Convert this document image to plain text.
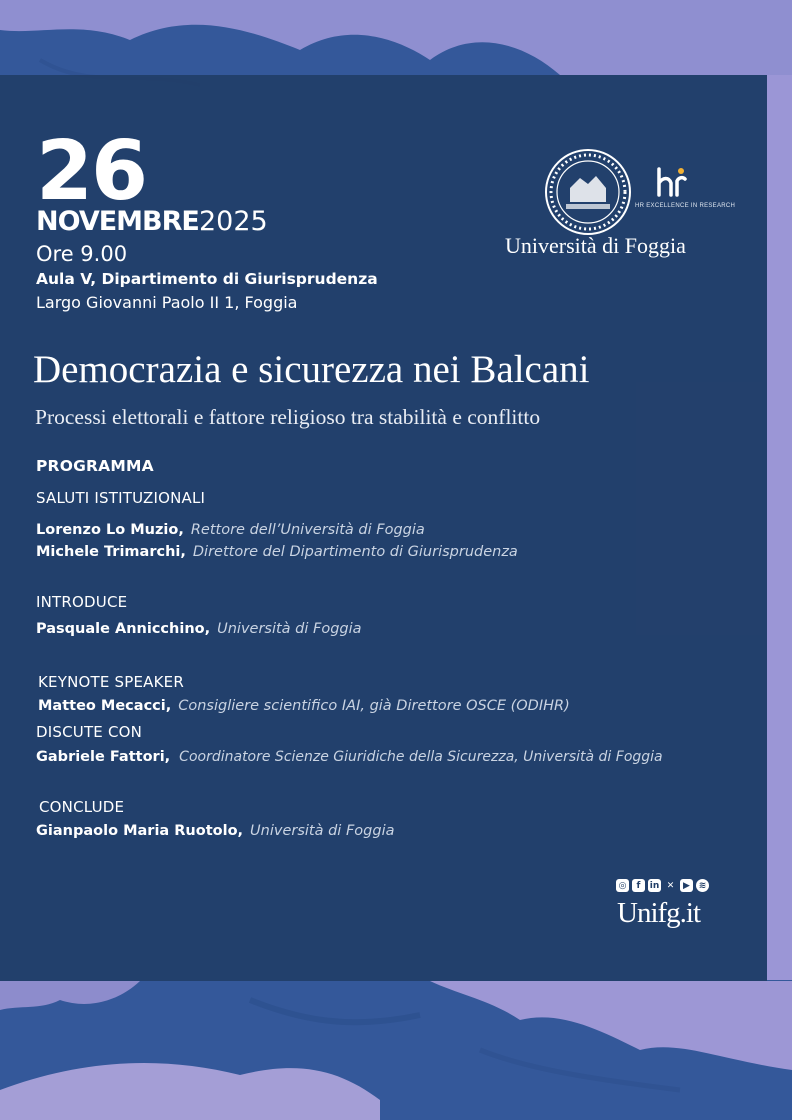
26
NOVEMBRE 2025
Ore 9.00
Aula V, Dipartimento di Giurisprudenza
Largo Giovanni Paolo II 1, Foggia
HR EXCELLENCE IN RESEARCH
Università di Foggia
Democrazia e sicurezza nei Balcani
Processi elettorali e fattore religioso tra stabilità e conflitto
PROGRAMMA
SALUTI ISTITUZIONALI
Lorenzo Lo Muzio, Rettore dell’Università di Foggia
Michele Trimarchi, Direttore del Dipartimento di Giurisprudenza
INTRODUCE
Pasquale Annicchino, Università di Foggia
KEYNOTE SPEAKER
Matteo Mecacci, Consigliere scientifico IAI, già Direttore OSCE (ODIHR)
DISCUTE CON
Gabriele Fattori, Coordinatore Scienze Giuridiche della Sicurezza, Università di Foggia
CONCLUDE
Gianpaolo Maria Ruotolo, Università di Foggia
◎	f	in ✕ ▶ ≋
Unifg.it
